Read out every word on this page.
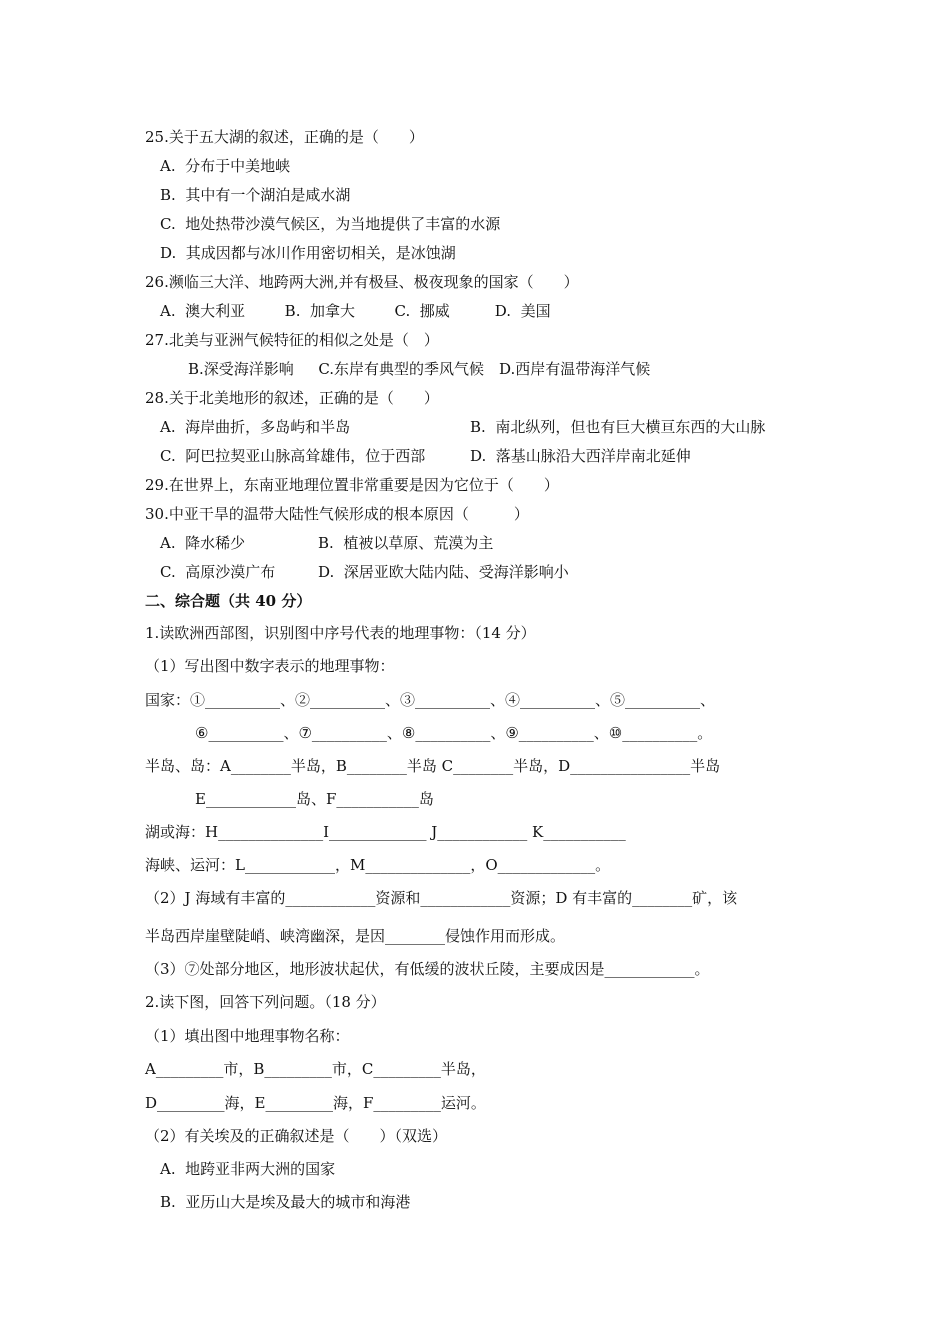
25.关于五大湖的叙述，正确的是（　　）
A.  分布于中美地峡
B.  其中有一个湖泊是咸水湖
C.  地处热带沙漠气候区，为当地提供了丰富的水源
D.  其成因都与冰川作用密切相关，是冰蚀湖
26.濒临三大洋、地跨两大洲,并有极昼、极夜现象的国家（　　）
A.  澳大利亚　　  B.  加拿大　　  C.  挪威　　　D.  美国
27.北美与亚洲气候特征的相似之处是（　）
B.深受海洋影响　  C.东岸有典型的季风气候　D.西岸有温带海洋气候
28.关于北美地形的叙述，正确的是（　　）
A.  海岸曲折，多岛屿和半岛	B.  南北纵列，但也有巨大横亘东西的大山脉
C.  阿巴拉契亚山脉高耸雄伟，位于西部	D.  落基山脉沿大西洋岸南北延伸
29.在世界上，东南亚地理位置非常重要是因为它位于（　　）
30.中亚干旱的温带大陆性气候形成的根本原因（　　　）
A.  降水稀少	B.  植被以草原、荒漠为主
C.  高原沙漠广布	D.  深居亚欧大陆内陆、受海洋影响小
二、综合题（共 40 分）
1.读欧洲西部图，识别图中序号代表的地理事物：（14 分）
（1）写出图中数字表示的地理事物：
国家：①__________、②__________、③__________、④__________、⑤__________、
⑥__________、⑦__________、⑧__________、⑨__________、⑩__________。
半岛、岛：A________半岛，B________半岛 C________半岛，D________________半岛
E____________岛、F___________岛
湖或海：H______________I_____________ J____________ K___________
海峡、运河：L____________，M______________，O_____________。
（2）J 海域有丰富的____________资源和____________资源；D 有丰富的________矿，该
半岛西岸崖壁陡峭、峡湾幽深，是因________侵蚀作用而形成。
（3）⑦处部分地区，地形波状起伏，有低缓的波状丘陵，主要成因是____________。
2.读下图，回答下列问题。（18 分）
（1）填出图中地理事物名称：
A_________市，B_________市，C_________半岛，
D_________海，E_________海，F_________运河。
（2）有关埃及的正确叙述是（　　）（双选）
A.  地跨亚非两大洲的国家
B.  亚历山大是埃及最大的城市和海港
